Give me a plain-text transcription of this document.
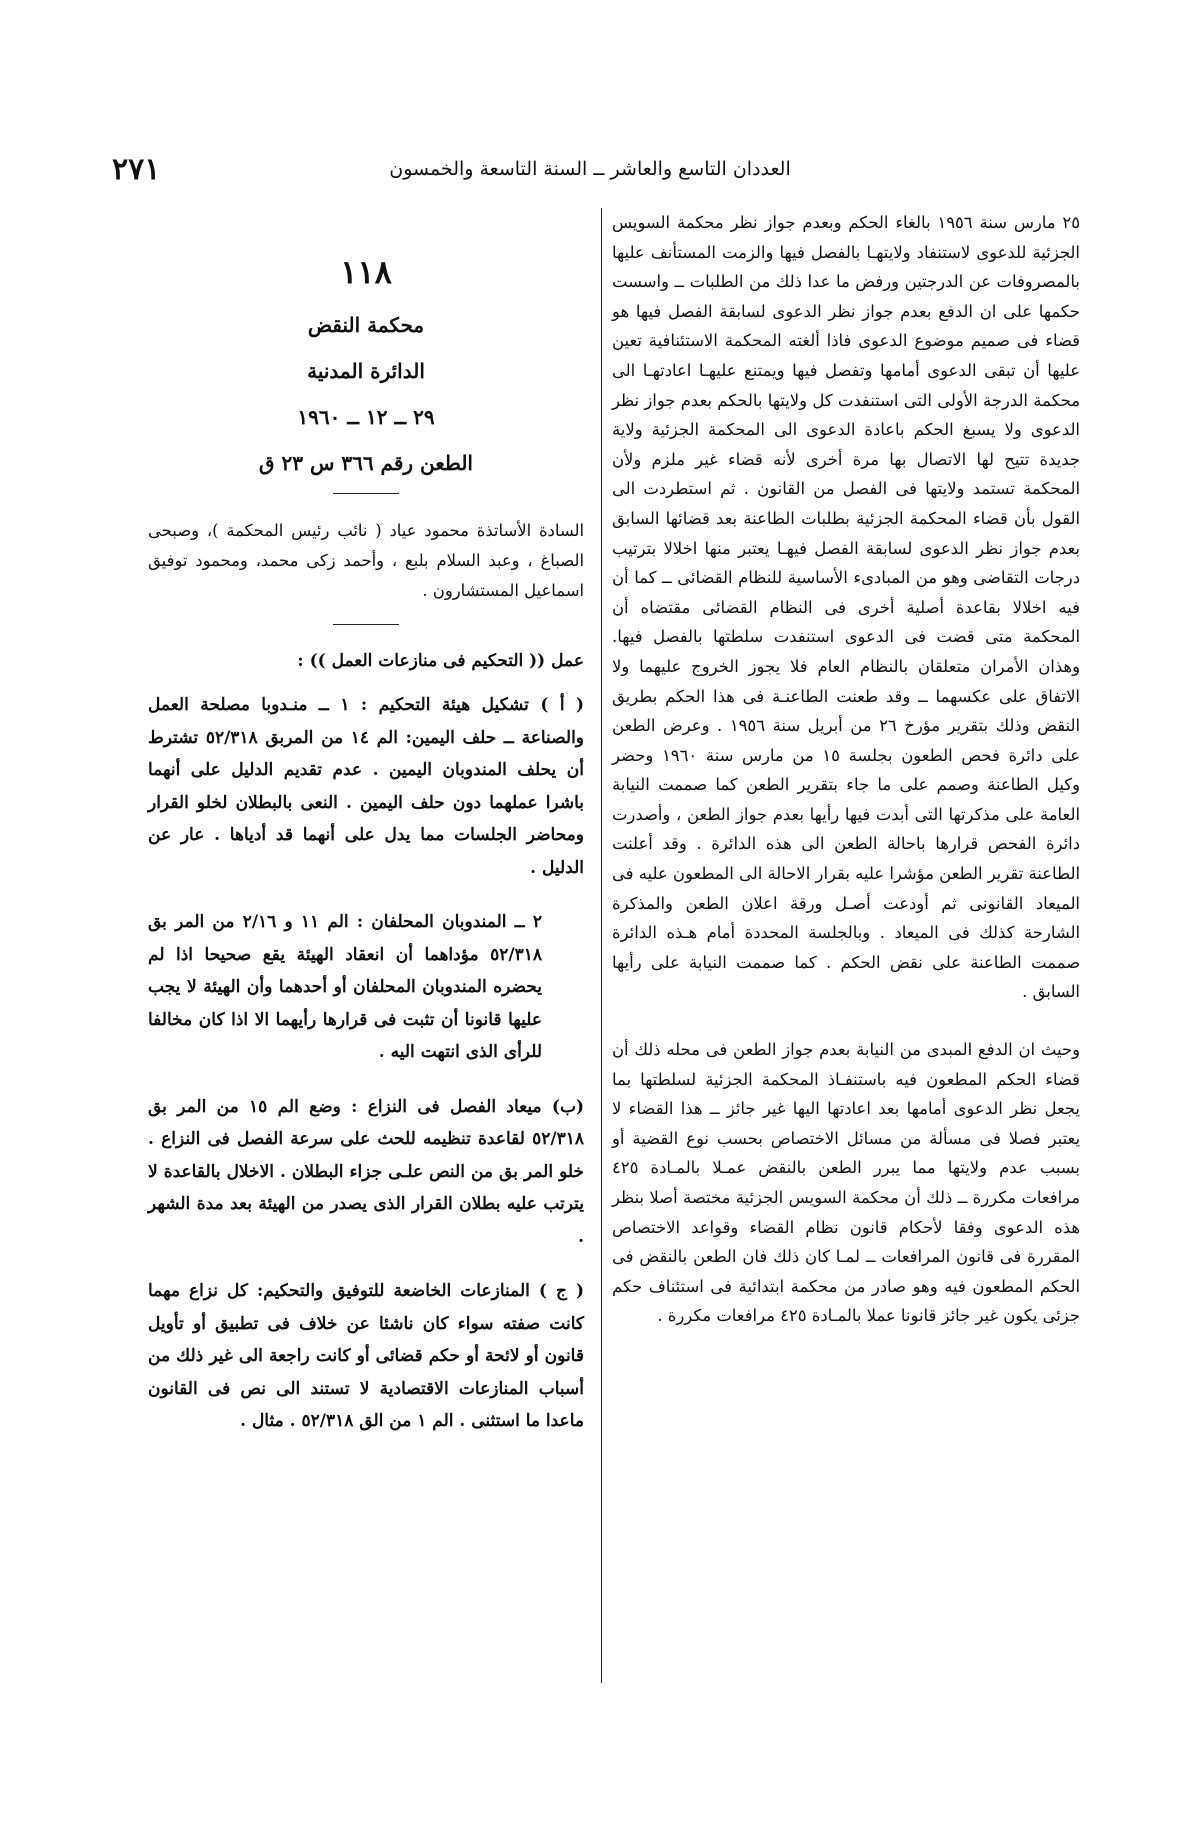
٢٧١	العددان التاسع والعاشر ــ السنة التاسعة والخمسون

٢٥ مارس سنة ١٩٥٦ بالغاء الحكم وبعدم جواز نظر محكمة السويس الجزئية للدعوى لاستنفاد ولايتهـا بالفصل فيها والزمت المستأنف عليها بالمصروفات عن الدرجتين ورفض ما عدا ذلك من الطلبات ــ واسست حكمها على ان الدفع بعدم جواز نظر الدعوى لسابقة الفصل فيها هو قضاء فى صميم موضوع الدعوى فاذا ألغته المحكمة الاستئنافية تعين عليها أن تبقى الدعوى أمامها وتفصل فيها ويمتنع عليهـا اعادتهـا الى محكمة الدرجة الأولى التى استنفدت كل ولايتها بالحكم بعدم جواز نظر الدعوى ولا يسبغ الحكم باعادة الدعوى الى المحكمة الجزئية ولاية جديدة تتيح لها الاتصال بها مرة أخرى لأنه قضاء غير ملزم ولأن المحكمة تستمد ولايتها فى الفصل من القانون . ثم استطردت الى القول بأن قضاء المحكمة الجزئية بطلبات الطاعنة بعد قضائها السابق بعدم جواز نظر الدعوى لسابقة الفصل فيهـا يعتبر منها اخلالا بترتيب درجات التقاضى وهو من المبادىء الأساسية للنظام القضائى ــ كما أن فيه اخلالا بقاعدة أصلية أخرى فى النظام القضائى مقتضاه أن المحكمة متى قضت فى الدعوى استنفدت سلطتها بالفصل فيها. وهذان الأمران متعلقان بالنظام العام فلا يجوز الخروج عليهما ولا الاتفاق على عكسهما ــ وقد طعنت الطاعنـة فى هذا الحكم بطريق النقض وذلك بتقرير مؤرخ ٢٦ من أبريل سنة ١٩٥٦ . وعرض الطعن على دائرة فحص الطعون بجلسة ١٥ من مارس سنة ١٩٦٠ وحضر وكيل الطاعنة وصمم على ما جاء بتقرير الطعن كما صممت النيابة العامة على مذكرتها التى أبدت فيها رأيها بعدم جواز الطعن ، وأصدرت دائرة الفحص قرارها باحالة الطعن الى هذه الدائرة . وقد أعلنت الطاعنة تقرير الطعن مؤشرا عليه بقرار الاحالة الى المطعون عليه فى الميعاد القانونى ثم أودعت أصـل ورقة اعلان الطعن والمذكرة الشارحة كذلك فى الميعاد . وبالجلسة المحددة أمام هـذه الدائرة صممت الطاعنة على نقض الحكم . كما صممت النيابة على رأيها السابق .

وحيث ان الدفع المبدى من النيابة بعدم جواز الطعن فى محله ذلك أن قضاء الحكم المطعون فيه باستنفـاذ المحكمة الجزئية لسلطتها بما يجعل نظر الدعوى أمامها بعد اعادتها اليها غير جائز ــ هذا القضاء لا يعتبر فصلا فى مسألة من مسائل الاختصاص بحسب نوع القضية أو بسبب عدم ولايتها مما يبرر الطعن بالنقض عمـلا بالمـادة ٤٢٥ مرافعات مكررة ــ ذلك أن محكمة السويس الجزئية مختصة أصلا بنظر هذه الدعوى وفقا لأحكام قانون نظام القضاء وقواعد الاختصاص المقررة فى قانون المرافعات ــ لمـا كان ذلك فان الطعن بالنقض فى الحكم المطعون فيه وهو صادر من محكمة ابتدائية فى استئناف حكم جزئى يكون غير جائز قانونا عملا بالمـادة ٤٢٥ مرافعات مكررة .

١١٨
محكمة النقض
الدائرة المدنية
٢٩ ــ ١٢ ــ ١٩٦٠
الطعن رقم ٣٦٦ س ٢٣ ق

السادة الأساتذة محمود عياد ( نائب رئيس المحكمة )، وصبحى الصباغ ، وعبد السلام بلبع ، وأحمد زكى محمد، ومحمود توفيق اسماعيل المستشارون .

عمل (( التحكيم فى منازعات العمل )) :
( أ ) تشكيل هيئة التحكيم : ١ ــ منـدوبا مصلحة العمل والصناعة ــ حلف اليمين: الم ١٤ من المربق ٥٢/٣١٨ تشترط أن يحلف المندوبان اليمين . عدم تقديم الدليل على أنهما باشرا عملهما دون حلف اليمين . النعى بالبطلان لخلو القرار ومحاضر الجلسات مما يدل على أنهما قد أدياها . عار عن الدليل .
٢ ــ المندوبان المحلفان : الم ١١ و ٢/١٦ من المر بق ٥٢/٣١٨ مؤداهما أن انعقاد الهيئة يقع صحيحا اذا لم يحضره المندوبان المحلفان أو أحدهما وأن الهيئة لا يجب عليها قانونا أن تثبت فى قرارها رأيهما الا اذا كان مخالفا للرأى الذى انتهت اليه .
(ب) ميعاد الفصل فى النزاع : وضع الم ١٥ من المر بق ٥٢/٣١٨ لقاعدة تنظيمه للحث على سرعة الفصل فى النزاع . خلو المر بق من النص علـى جزاء البطلان . الاخلال بالقاعدة لا يترتب عليه بطلان القرار الذى يصدر من الهيئة بعد مدة الشهر .
( ج ) المنازعات الخاضعة للتوفيق والتحكيم: كل نزاع مهما كانت صفته سواء كان ناشئا عن خلاف فى تطبيق أو تأويل قانون أو لائحة أو حكم قضائى أو كانت راجعة الى غير ذلك من أسباب المنازعات الاقتصادية لا تستند الى نص فى القانون ماعدا ما استثنى . الم ١ من الق ٥٢/٣١٨ . مثال .
